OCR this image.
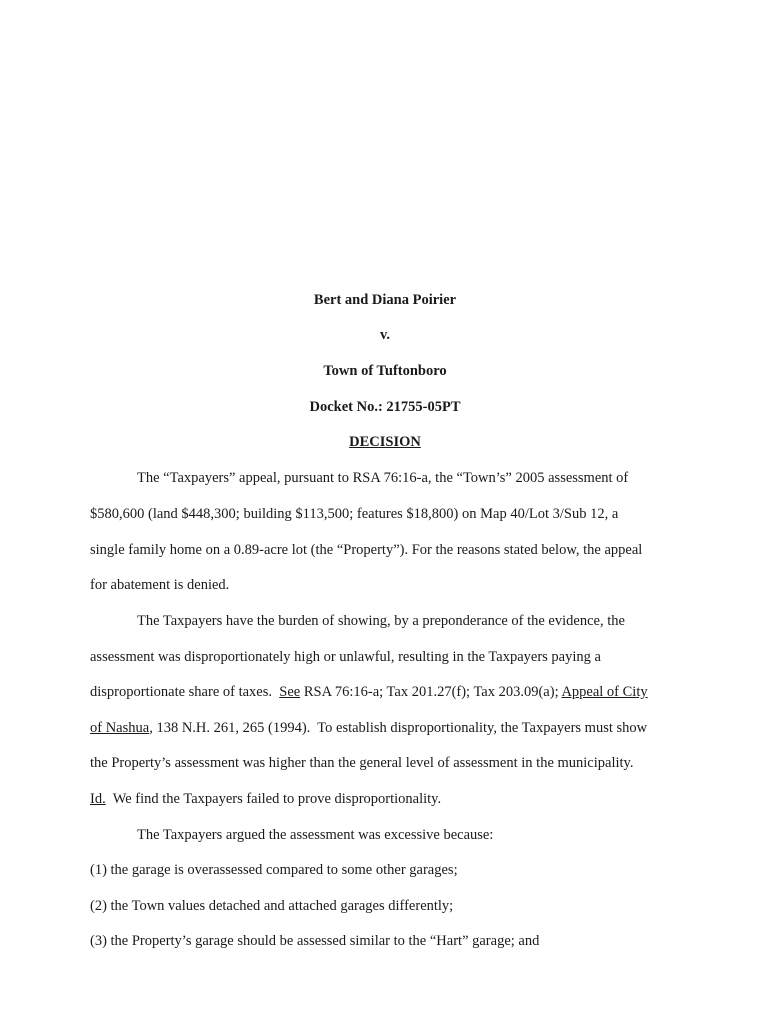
Bert and Diana Poirier
v.
Town of Tuftonboro
Docket No.: 21755-05PT
DECISION
The “Taxpayers” appeal, pursuant to RSA 76:16-a, the “Town’s” 2005 assessment of
$580,600 (land $448,300; building $113,500; features $18,800) on Map 40/Lot 3/Sub 12, a
single family home on a 0.89-acre lot (the “Property”). For the reasons stated below, the appeal
for abatement is denied.
The Taxpayers have the burden of showing, by a preponderance of the evidence, the
assessment was disproportionately high or unlawful, resulting in the Taxpayers paying a
disproportionate share of taxes.  See RSA 76:16-a; Tax 201.27(f); Tax 203.09(a); Appeal of City
of Nashua, 138 N.H. 261, 265 (1994).  To establish disproportionality, the Taxpayers must show
the Property’s assessment was higher than the general level of assessment in the municipality.
Id.  We find the Taxpayers failed to prove disproportionality.
The Taxpayers argued the assessment was excessive because:
(1) the garage is overassessed compared to some other garages;
(2) the Town values detached and attached garages differently;
(3) the Property’s garage should be assessed similar to the “Hart” garage; and
